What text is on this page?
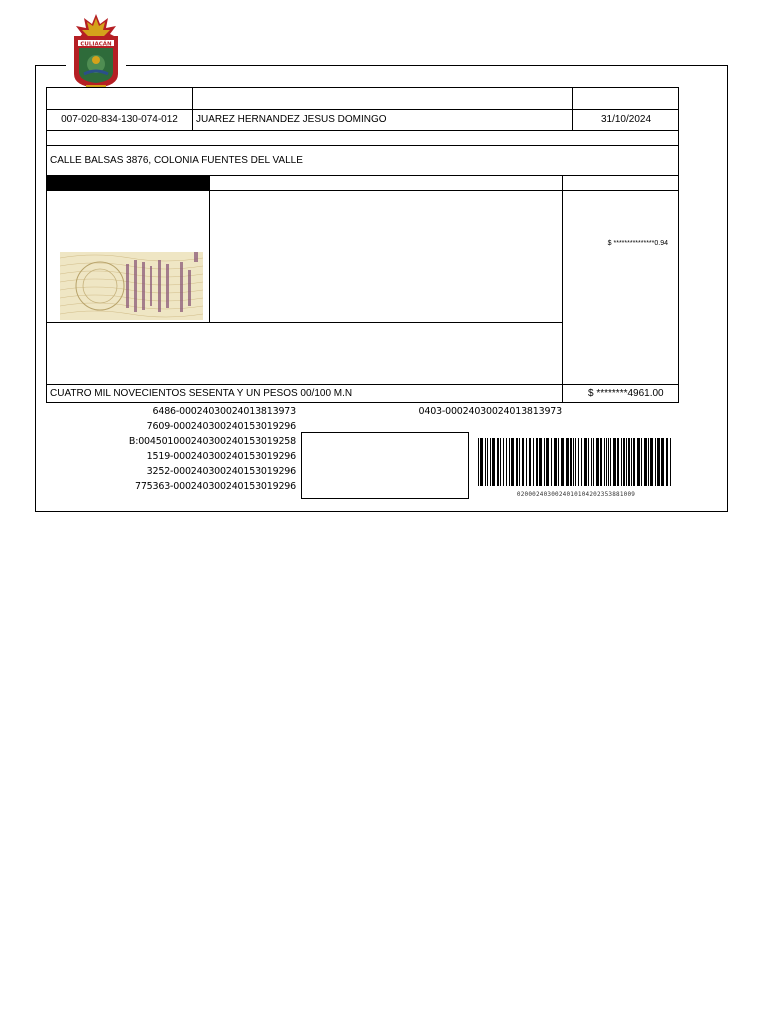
CULIACÁN
007-020-834-130-074-012	JUAREZ HERNANDEZ JESUS DOMINGO	31/10/2024
CALLE BALSAS 3876, COLONIA FUENTES DEL VALLE
$ ***************0.94
CUATRO MIL NOVECIENTOS SESENTA Y UN PESOS 00/100 M.N	$ ********4961.00
6486-00024030024013813973
7609-000240300240153019296
B:004501000240300240153019258
1519-000240300240153019296
3252-000240300240153019296
775363-000240300240153019296
0403-00024030024013813973
0200024030024010104202353881009
